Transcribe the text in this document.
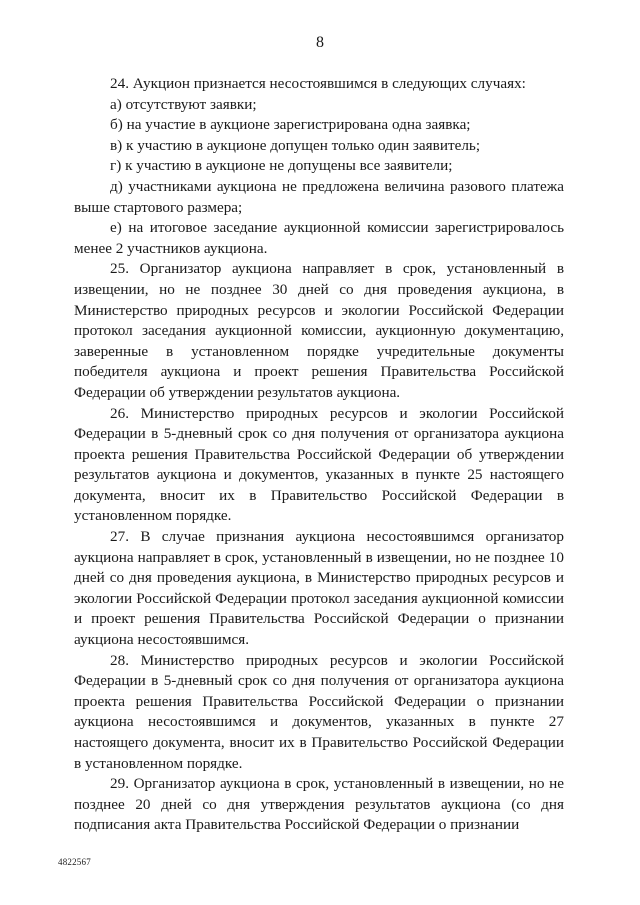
8

24. Аукцион признается несостоявшимся в следующих случаях:

а) отсутствуют заявки;

б) на участие в аукционе зарегистрирована одна заявка;

в) к участию в аукционе допущен только один заявитель;

г) к участию в аукционе не допущены все заявители;

д) участниками аукциона не предложена величина разового платежа выше стартового размера;

е) на итоговое заседание аукционной комиссии зарегистрировалось менее 2 участников аукциона.

25. Организатор аукциона направляет в срок, установленный в извещении, но не позднее 30 дней со дня проведения аукциона, в Министерство природных ресурсов и экологии Российской Федерации протокол заседания аукционной комиссии, аукционную документацию, заверенные в установленном порядке учредительные документы победителя аукциона и проект решения Правительства Российской Федерации об утверждении результатов аукциона.

26. Министерство природных ресурсов и экологии Российской Федерации в 5-дневный срок со дня получения от организатора аукциона проекта решения Правительства Российской Федерации об утверждении результатов аукциона и документов, указанных в пункте 25 настоящего документа, вносит их в Правительство Российской Федерации в установленном порядке.

27. В случае признания аукциона несостоявшимся организатор аукциона направляет в срок, установленный в извещении, но не позднее 10 дней со дня проведения аукциона, в Министерство природных ресурсов и экологии Российской Федерации протокол заседания аукционной комиссии и проект решения Правительства Российской Федерации о признании аукциона несостоявшимся.

28. Министерство природных ресурсов и экологии Российской Федерации в 5-дневный срок со дня получения от организатора аукциона проекта решения Правительства Российской Федерации о признании аукциона несостоявшимся и документов, указанных в пункте 27 настоящего документа, вносит их в Правительство Российской Федерации в установленном порядке.

29. Организатор аукциона в срок, установленный в извещении, но не позднее 20 дней со дня утверждения результатов аукциона (со дня подписания акта Правительства Российской Федерации о признании

4822567
